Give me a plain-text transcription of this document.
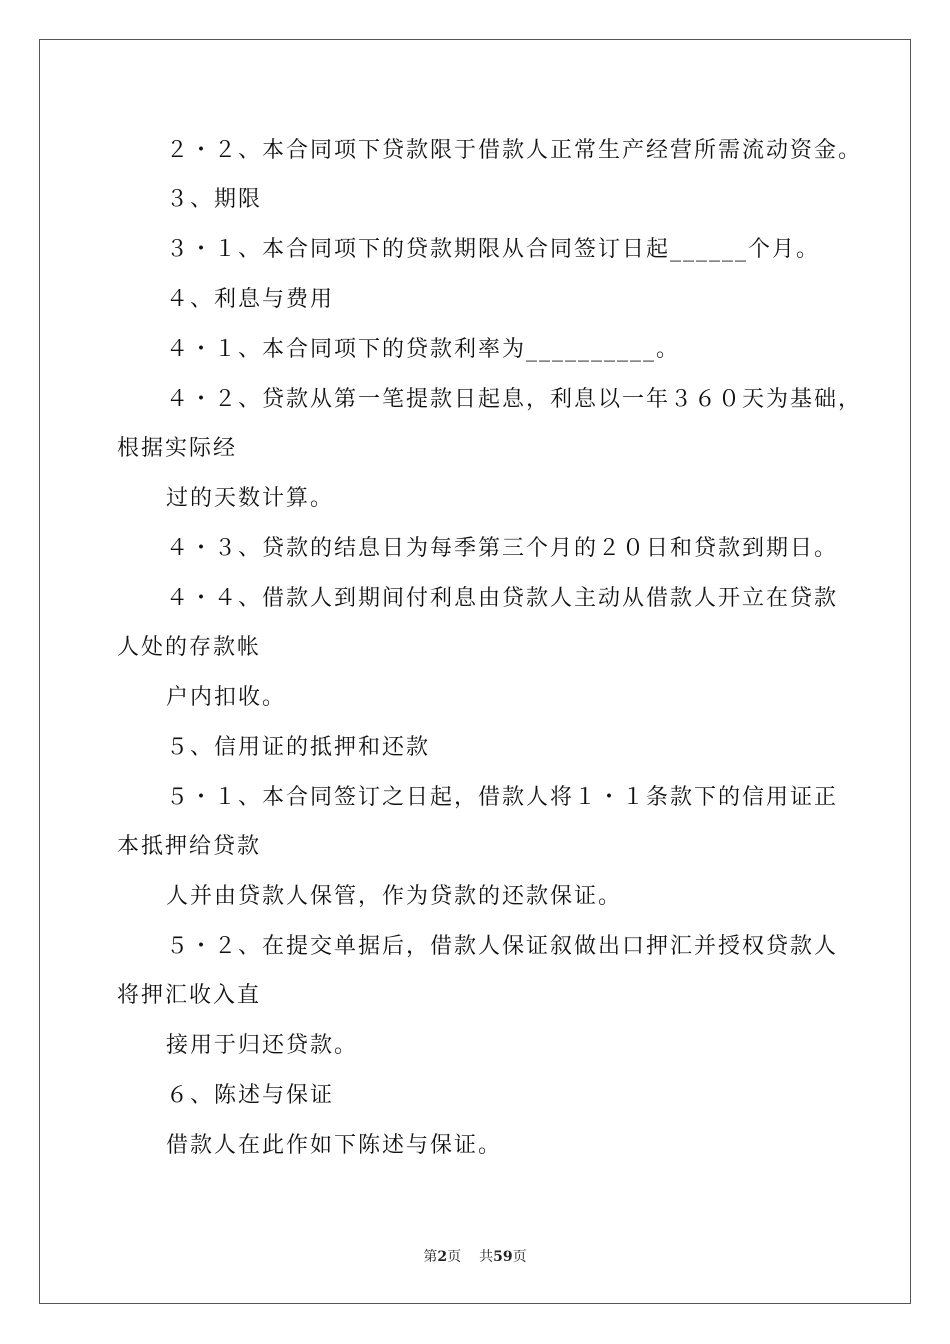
２・２、本合同项下贷款限于借款人正常生产经营所需流动资金。
３、期限
３・１、本合同项下的贷款期限从合同签订日起______个月。
４、利息与费用
４・１、本合同项下的贷款利率为__________。
４・２、贷款从第一笔提款日起息，利息以一年３６０天为基础，
根据实际经
过的天数计算。
４・３、贷款的结息日为每季第三个月的２０日和贷款到期日。
４・４、借款人到期间付利息由贷款人主动从借款人开立在贷款
人处的存款帐
户内扣收。
５、信用证的抵押和还款
５・１、本合同签订之日起，借款人将１・１条款下的信用证正
本抵押给贷款
人并由贷款人保管，作为贷款的还款保证。
５・２、在提交单据后，借款人保证叙做出口押汇并授权贷款人
将押汇收入直
接用于归还贷款。
６、陈述与保证
借款人在此作如下陈述与保证。
第2页 共59页
